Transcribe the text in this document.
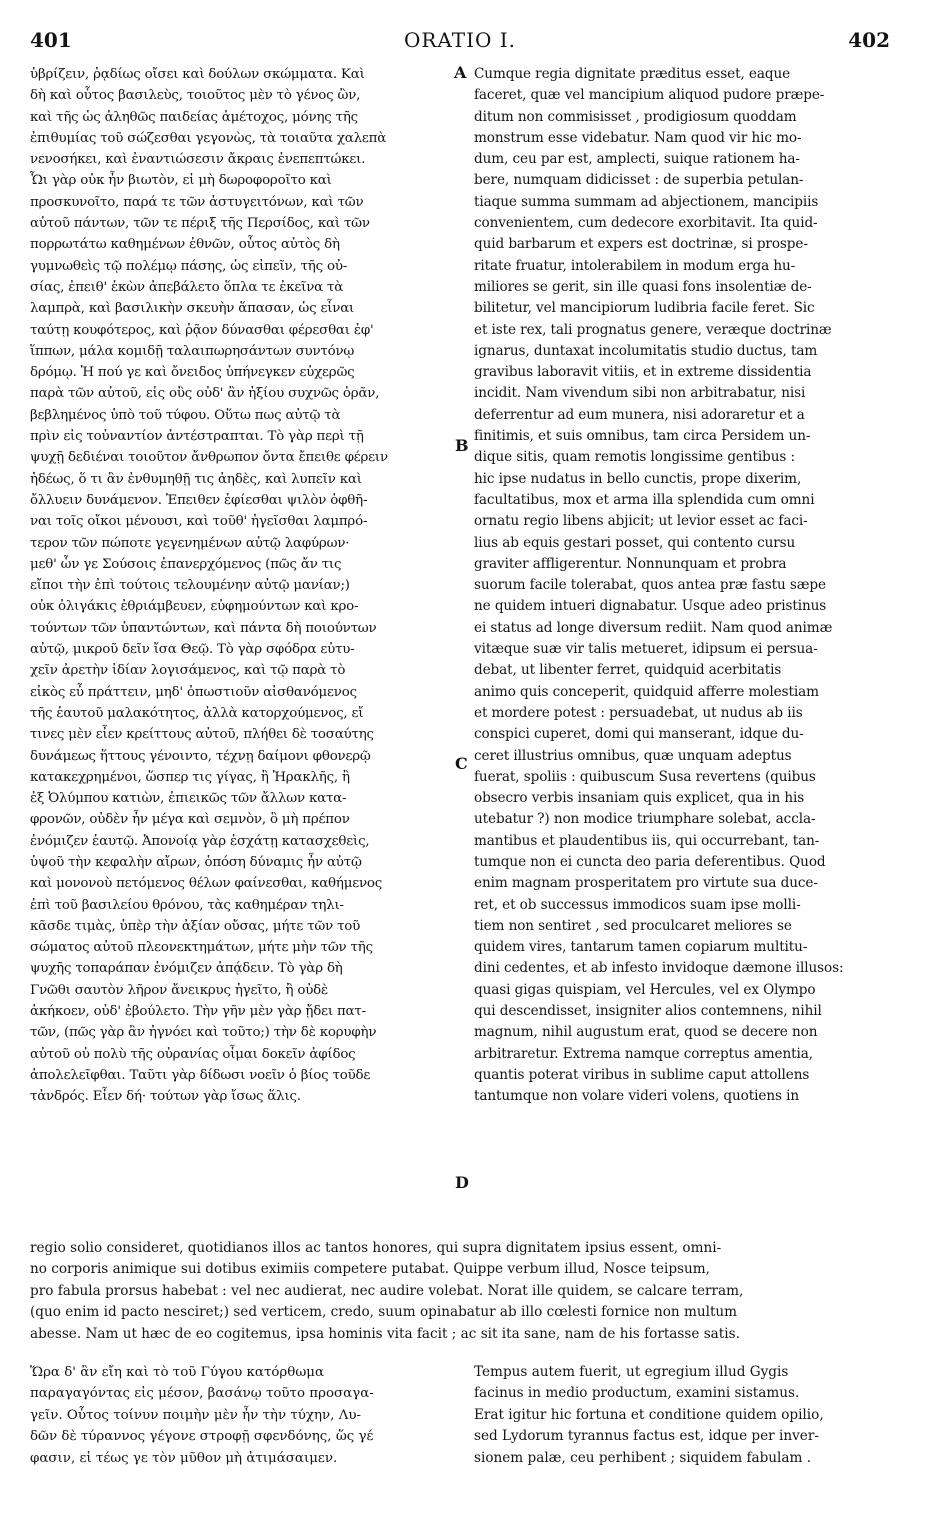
401	ORATIO I.	402
ὑβρίζειν, ῥᾳδίως οἴσει καὶ δούλων σκώμματα. Καὶ
δὴ καὶ οὗτος βασιλεὺς, τοιοῦτος μὲν τὸ γένος ὢν,
καὶ τῆς ὡς ἀληθῶς παιδείας ἀμέτοχος, μόνης τῆς
ἐπιθυμίας τοῦ σώζεσθαι γεγονὼς, τὰ τοιαῦτα χαλεπὰ
νενοσήκει, καὶ ἐναντιώσεσιν ἄκραις ἐνεπεπτώκει.
Ὧι γὰρ οὐκ ἦν βιωτὸν, εἰ μὴ δωροφοροῖτο καὶ
προσκυνοῖτο, παρά τε τῶν ἀστυγειτόνων, καὶ τῶν
αὐτοῦ πάντων, τῶν τε πέριξ τῆς Περσίδος, καὶ τῶν
πορρωτάτω καθημένων ἐθνῶν, οὗτος αὐτὸς δὴ
γυμνωθεὶς τῷ πολέμῳ πάσης, ὡς εἰπεῖν, τῆς οὐ-
σίας, ἐπειθ' ἑκὼν ἀπεβάλετο ὅπλα τε ἐκεῖνα τὰ
λαμπρὰ, καὶ βασιλικὴν σκευὴν ἅπασαν, ὡς εἶναι
ταύτῃ κουφότερος, καὶ ῥᾷον δύνασθαι φέρεσθαι ἐφ'
ἵππων, μάλα κομιδῇ ταλαιπωρησάντων συντόνῳ
δρόμῳ. Ἡ πού γε καὶ ὄνειδος ὑπήνεγκεν εὐχερῶς
παρὰ τῶν αὐτοῦ, εἰς οὓς οὐδ' ἂν ἠξίου συχνῶς ὁρᾶν,
βεβλημένος ὑπὸ τοῦ τύφου. Οὕτω πως αὐτῷ τὰ
πρὶν εἰς τοὐναντίον ἀντέστραπται. Τὸ γὰρ περὶ τῇ
ψυχῇ δεδιέναι τοιοῦτον ἄνθρωπον ὄντα ἔπειθε φέρειν
ἡδέως, ὅ τι ἂν ἐνθυμηθῇ τις ἀηδὲς, καὶ λυπεῖν καὶ
ὄλλυειν δυνάμενον. Ἐπειθεν ἐφίεσθαι ψιλὸν ὀφθῆ-
ναι τοῖς οἴκοι μένουσι, καὶ τοῦθ' ἡγεῖσθαι λαμπρό-
τερον τῶν πώποτε γεγενημένων αὐτῷ λαφύρων·
μεθ' ὧν γε Σούσοις ἐπανερχόμενος (πῶς ἄν τις
εἴποι τὴν ἐπὶ τούτοις τελουμένην αὐτῷ μανίαν;)
οὐκ ὀλιγάκις ἐθριάμβευεν, εὐφημούντων καὶ κρο-
τούντων τῶν ὑπαντώντων, καὶ πάντα δὴ ποιούντων
αὐτῷ, μικροῦ δεῖν ἴσα Θεῷ. Τὸ γὰρ σφόδρα εὐτυ-
χεῖν ἀρετὴν ἰδίαν λογισάμενος, καὶ τῷ παρὰ τὸ
εἰκὸς εὖ πράττειν, μηδ' ὁπωστιοῦν αἰσθανόμενος
τῆς ἑαυτοῦ μαλακότητος, ἀλλὰ κατορχούμενος, εἴ
τινες μὲν εἶεν κρείττους αὐτοῦ, πλήθει δὲ τοσαύτης
δυνάμεως ἥττους γένοιντο, τέχνῃ δαίμονι φθονερῷ
κατακεχρημένοι, ὥσπερ τις γίγας, ἢ Ἡρακλῆς, ἢ
ἐξ Ὀλύμπου κατιὼν, ἐπιεικῶς τῶν ἄλλων κατα-
φρονῶν, οὐδὲν ἦν μέγα καὶ σεμνὸν, ὃ μὴ πρέπον
ἐνόμιζεν ἑαυτῷ. Ἀπονοίᾳ γὰρ ἐσχάτῃ κατασχεθεὶς,
ὑψοῦ τὴν κεφαλὴν αἴρων, ὁπόση δύναμις ἦν αὐτῷ
καὶ μονονοὺ πετόμενος θέλων φαίνεσθαι, καθήμενος
ἐπὶ τοῦ βασιλείου θρόνου, τὰς καθημέραν τηλι-
κᾶσδε τιμὰς, ὑπὲρ τὴν ἀξίαν οὔσας, μήτε τῶν τοῦ
σώματος αὐτοῦ πλεονεκτημάτων, μήτε μὴν τῶν τῆς
ψυχῆς τοπαράπαν ἐνόμιζεν ἀπᾴδειν. Τὸ γὰρ δὴ
Γνῶθι σαυτὸν λῆρον ἄνεικρυς ἡγεῖτο, ἢ οὐδὲ
ἀκήκοεν, οὐδ' ἐβούλετο. Τὴν γῆν μὲν γὰρ ᾔδει πατ-
τῶν, (πῶς γὰρ ἂν ἠγνόει καὶ τοῦτο;) τὴν δὲ κορυφὴν
αὐτοῦ οὐ πολὺ τῆς οὐρανίας οἶμαι δοκεῖν ἀφίδος
ἀπολελεῖφθαι. Ταῦτι γὰρ δίδωσι νοεῖν ὁ βίος τοῦδε
τἀνδρός. Εἶεν δή· τούτων γὰρ ἴσως ἅλις.
Cumque regia dignitate præditus esset, eaque
faceret, quæ vel mancipium aliquod pudore præpe-
ditum non commisisset , prodigiosum quoddam
monstrum esse videbatur. Nam quod vir hic mo-
dum, ceu par est, amplecti, suique rationem ha-
bere, numquam didicisset : de superbia petulan-
tiaque summa summam ad abjectionem, mancipiis
convenientem, cum dedecore exorbitavit. Ita quid-
quid barbarum et expers est doctrinæ, si prospe-
ritate fruatur, intolerabilem in modum erga hu-
miliores se gerit, sin ille quasi fons insolentiæ de-
bilitetur, vel mancipiorum ludibria facile feret. Sic
et iste rex, tali prognatus genere, veræque doctrinæ
ignarus, duntaxat incolumitatis studio ductus, tam
gravibus laboravit vitiis, et in extreme dissidentia
incidit. Nam vivendum sibi non arbitrabatur, nisi
deferrentur ad eum munera, nisi adoraretur et a
finitimis, et suis omnibus, tam circa Persidem un-
dique sitis, quam remotis longissime gentibus :
hic ipse nudatus in bello cunctis, prope dixerim,
facultatibus, mox et arma illa splendida cum omni
ornatu regio libens abjicit; ut levior esset ac faci-
lius ab equis gestari posset, qui contento cursu
graviter affligerentur. Nonnunquam et probra
suorum facile tolerabat, quos antea præ fastu sæpe
ne quidem intueri dignabatur. Usque adeo pristinus
ei status ad longe diversum rediit. Nam quod animæ
vitæque suæ vir talis metueret, idipsum ei persua-
debat, ut libenter ferret, quidquid acerbitatis
animo quis conceperit, quidquid afferre molestiam
et mordere potest : persuadebat, ut nudus ab iis
conspici cuperet, domi qui manserant, idque du-
ceret illustrius omnibus, quæ unquam adeptus
fuerat, spoliis : quibuscum Susa revertens (quibus
obsecro verbis insaniam quis explicet, qua in his
utebatur ?) non modice triumphare solebat, accla-
mantibus et plaudentibus iis, qui occurrebant, tan-
tumque non ei cuncta deo paria deferentibus. Quod
enim magnam prosperitatem pro virtute sua duce-
ret, et ob successus immodicos suam ipse molli-
tiem non sentiret , sed proculcaret meliores se
quidem vires, tantarum tamen copiarum multitu-
dini cedentes, et ab infesto invidoque dæmone illusos:
quasi gigas quispiam, vel Hercules, vel ex Olympo
qui descendisset, insigniter alios contemnens, nihil
magnum, nihil augustum erat, quod se decere non
arbitraretur. Extrema namque correptus amentia,
quantis poterat viribus in sublime caput attollens
tantumque non volare videri volens, quotiens in
A
B
C
D
regio solio consideret, quotidianos illos ac tantos honores, qui supra dignitatem ipsius essent, omni-
no corporis animique sui dotibus eximiis competere putabat. Quippe verbum illud, Nosce teipsum,
pro fabula prorsus habebat : vel nec audierat, nec audire volebat. Norat ille quidem, se calcare terram,
(quo enim id pacto nesciret;) sed verticem, credo, suum opinabatur ab illo cœlesti fornice non multum
abesse. Nam ut hæc de eo cogitemus, ipsa hominis vita facit ; ac sit ita sane, nam de his fortasse satis.
Ὥρα δ' ἂν εἴη καὶ τὸ τοῦ Γύγου κατόρθωμα
παραγαγόντας εἰς μέσον, βασάνῳ τοῦτο προσαγα-
γεῖν. Οὗτος τοίνυν ποιμὴν μὲν ἦν τὴν τύχην, Λυ-
δῶν δὲ τύραννος γέγονε στροφῇ σφενδόνης, ὥς γέ
φασιν, εἰ τέως γε τὸν μῦθον μὴ ἀτιμάσαιμεν.
Tempus autem fuerit, ut egregium illud Gygis
facinus in medio productum, examini sistamus.
Erat igitur hic fortuna et conditione quidem opilio,
sed Lydorum tyrannus factus est, idque per inver-
sionem palæ, ceu perhibent ; siquidem fabulam .
